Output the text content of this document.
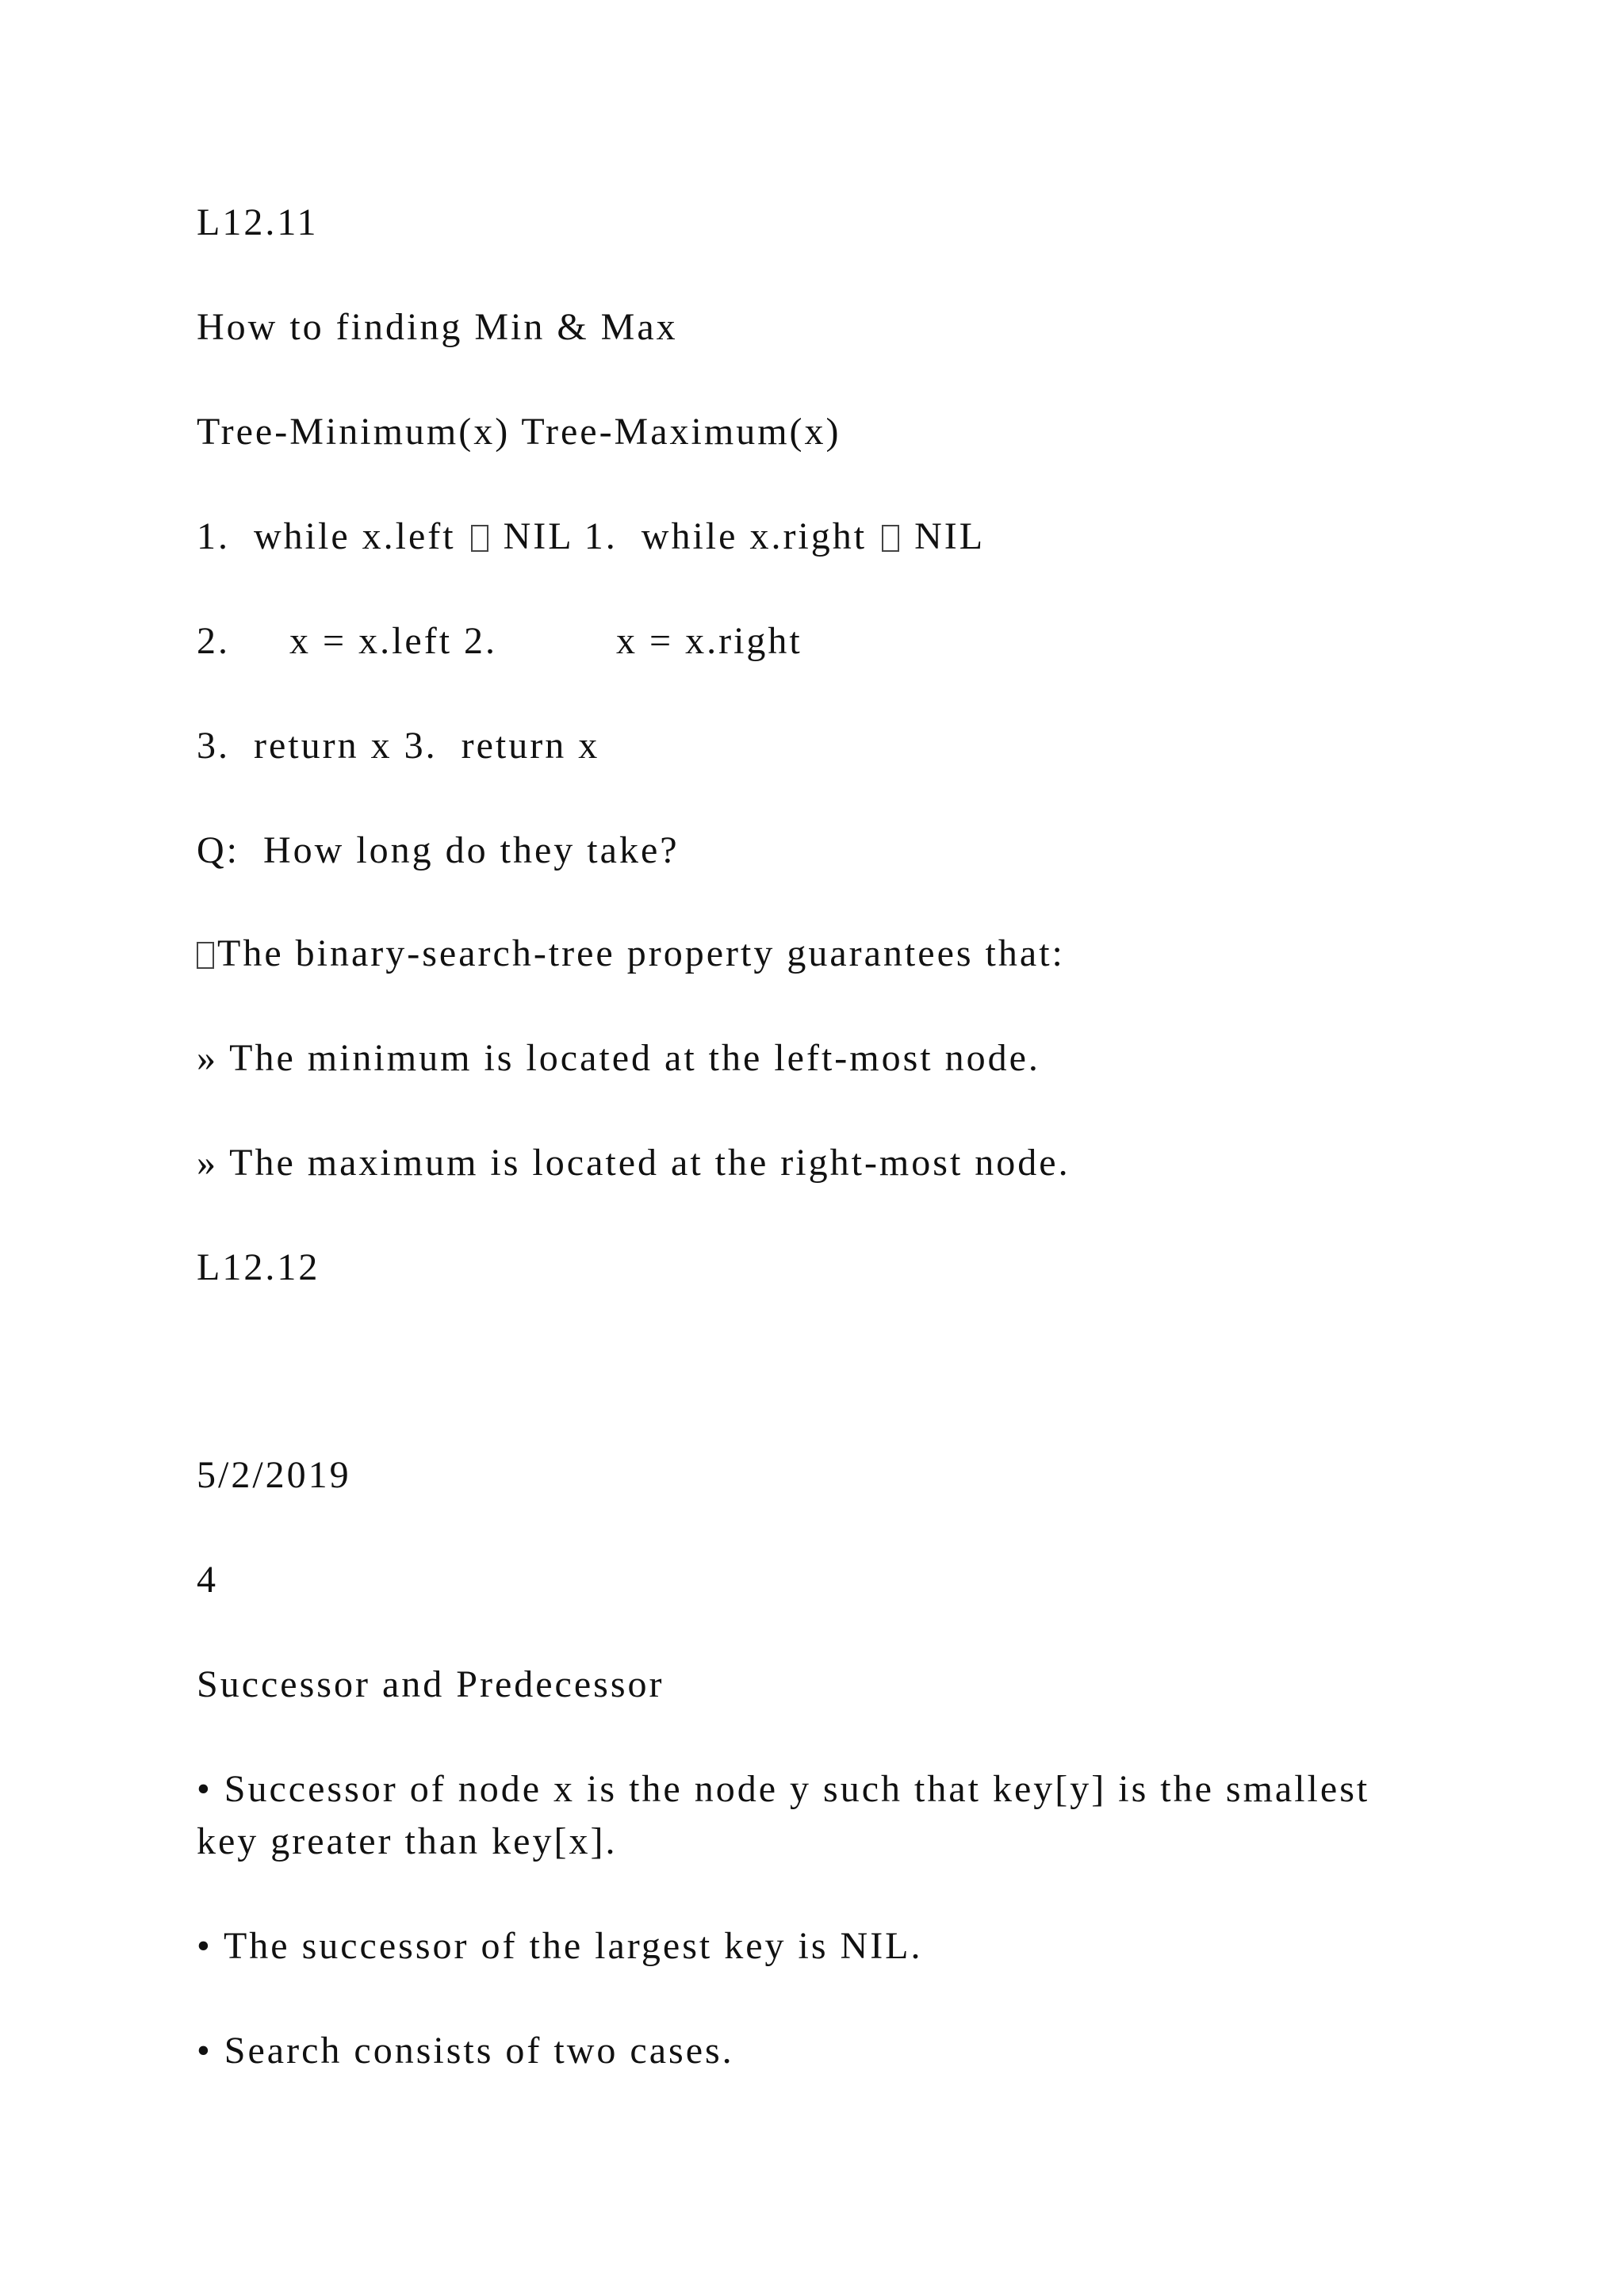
L12.11
How to finding Min & Max
Tree-Minimum(x) Tree-Maximum(x)
1.  while x.left  NIL 1.  while x.right  NIL
2.     x = x.left 2.          x = x.right
3.  return x 3.  return x
Q:  How long do they take?
The binary-search-tree property guarantees that:
» The minimum is located at the left-most node.
» The maximum is located at the right-most node.
L12.12
5/2/2019
4
Successor and Predecessor
• Successor of node x is the node y such that key[y] is the smallest key greater than key[x].
• The successor of the largest key is NIL.
• Search consists of two cases.
